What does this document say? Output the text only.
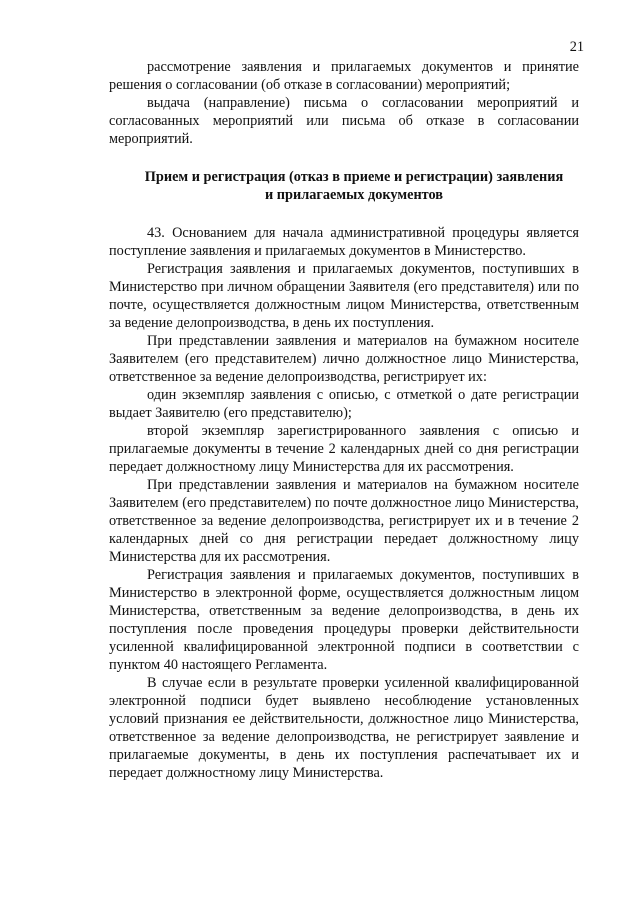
21

рассмотрение заявления и прилагаемых документов и принятие решения о согласовании (об отказе в согласовании) мероприятий;

выдача (направление) письма о согласовании мероприятий и согласованных мероприятий или письма об отказе в согласовании мероприятий.

Прием и регистрация (отказ в приеме и регистрации) заявления

и прилагаемых документов

43. Основанием для начала административной процедуры является поступление заявления и прилагаемых документов в Министерство.

Регистрация заявления и прилагаемых документов, поступивших в Министерство при личном обращении Заявителя (его представителя) или по почте, осуществляется должностным лицом Министерства, ответственным за ведение делопроизводства, в день их поступления.

При представлении заявления и материалов на бумажном носителе Заявителем (его представителем) лично должностное лицо Министерства, ответственное за ведение делопроизводства, регистрирует их:

один экземпляр заявления с описью, с отметкой о дате регистрации выдает Заявителю (его представителю);

второй экземпляр зарегистрированного заявления с описью и прилагаемые документы в течение 2 календарных дней со дня регистрации передает должностному лицу Министерства для их рассмотрения.

При представлении заявления и материалов на бумажном носителе Заявителем (его представителем) по почте должностное лицо Министерства, ответственное за ведение делопроизводства, регистрирует их и в течение 2 календарных дней со дня регистрации передает должностному лицу Министерства для их рассмотрения.

Регистрация заявления и прилагаемых документов, поступивших в Министерство в электронной форме, осуществляется должностным лицом Министерства, ответственным за ведение делопроизводства, в день их поступления после проведения процедуры проверки действительности усиленной квалифицированной электронной подписи в соответствии с пунктом 40 настоящего Регламента.

В случае если в результате проверки усиленной квалифицированной электронной подписи будет выявлено несоблюдение установленных условий признания ее действительности, должностное лицо Министерства, ответственное за ведение делопроизводства, не регистрирует заявление и прилагаемые документы, в день их поступления распечатывает их и передает должностному лицу Министерства.
